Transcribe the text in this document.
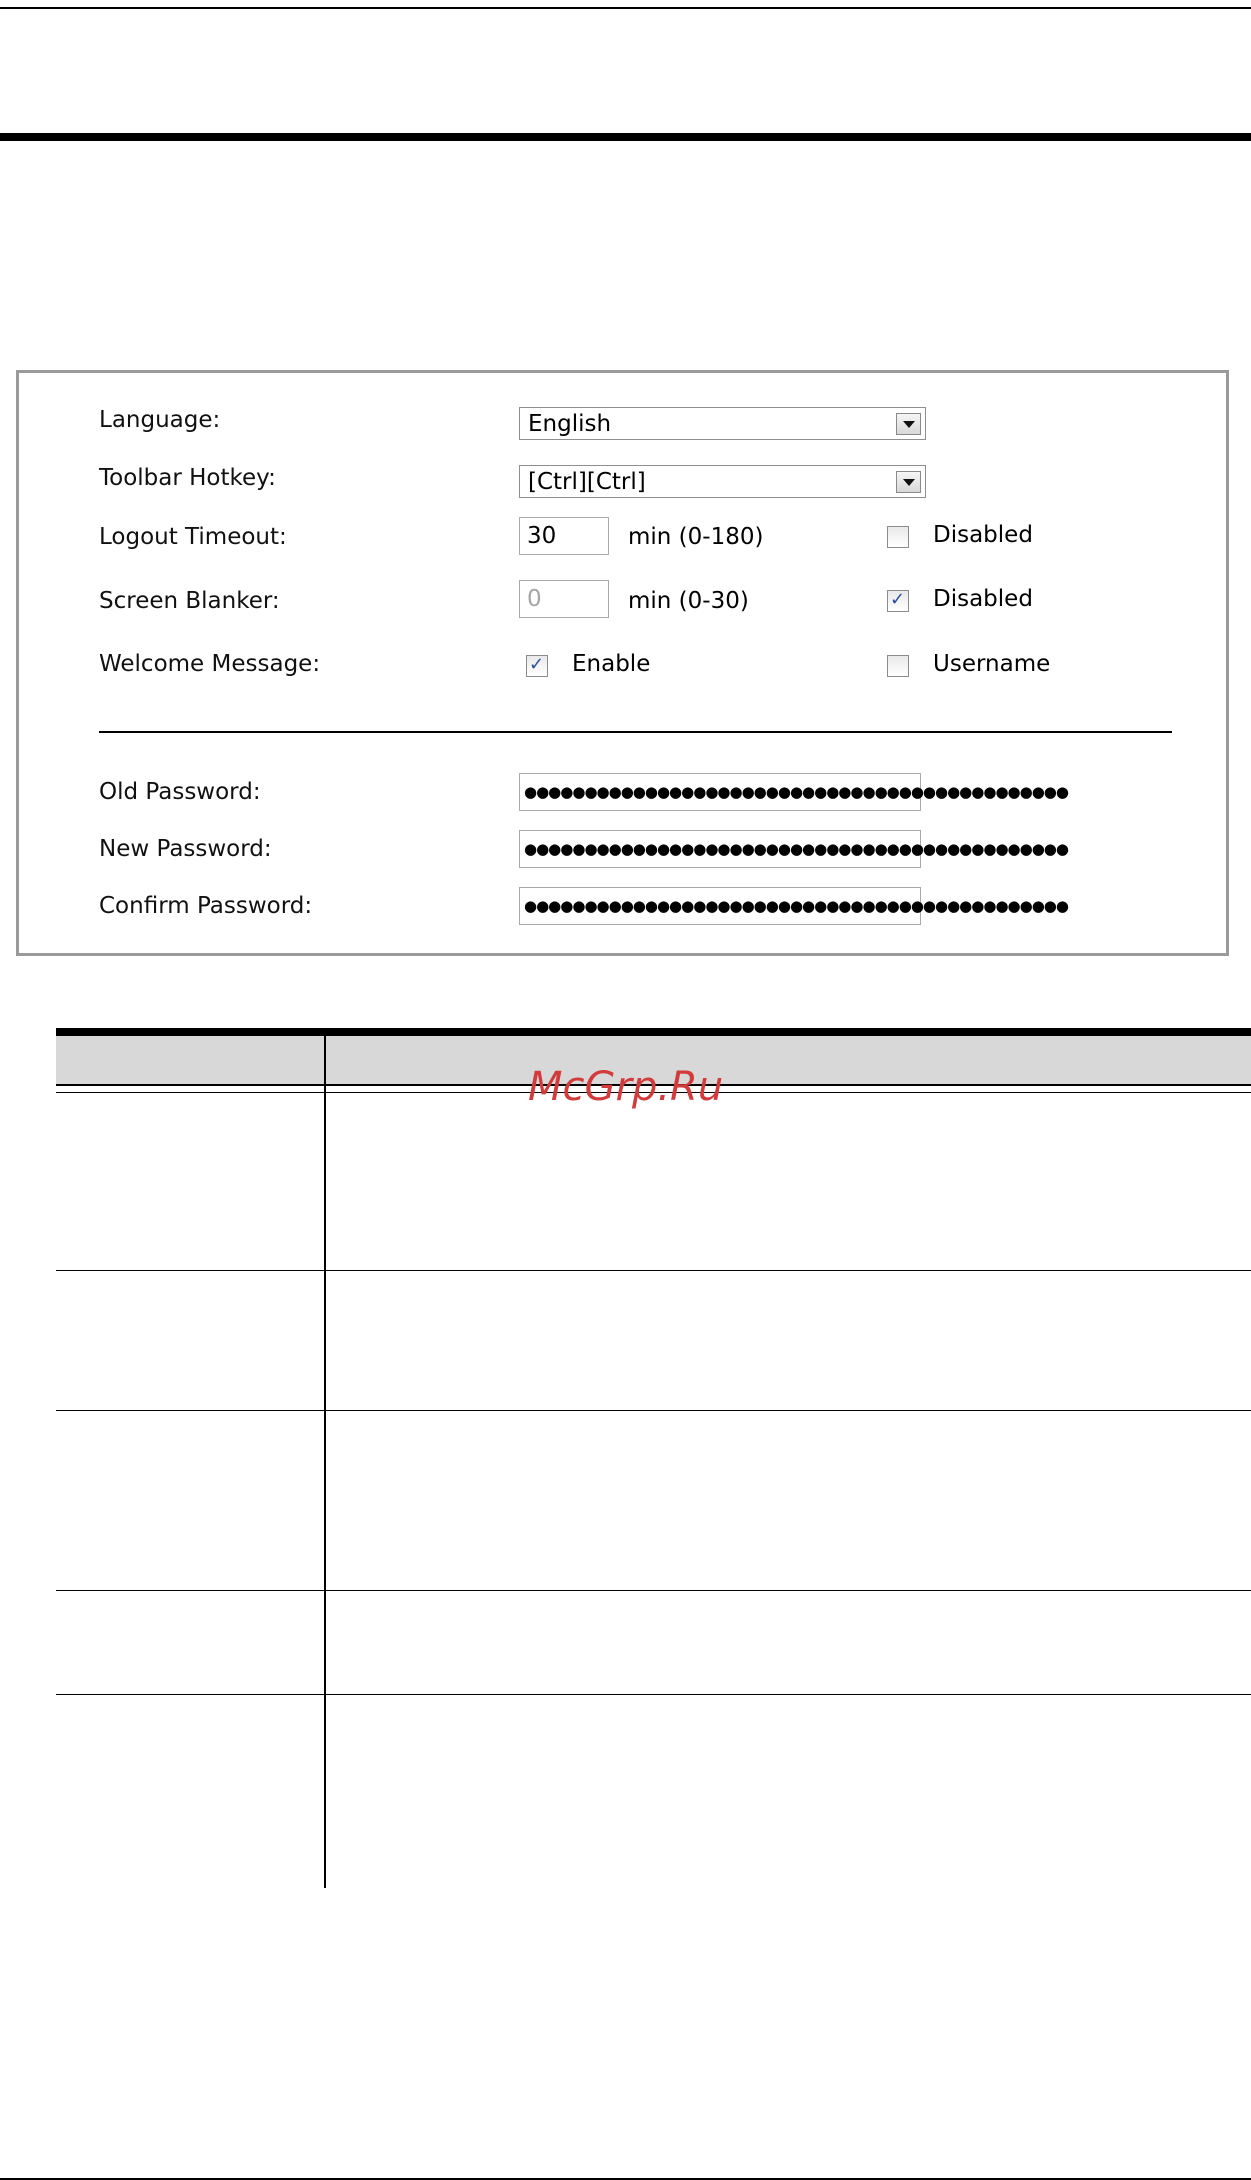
Language:	English
Toolbar Hotkey:	[Ctrl][Ctrl]
Logout Timeout:	30	min (0-180)	Disabled
Screen Blanker:	0	min (0-30)	✓ Disabled
Welcome Message:	✓ Enable	Username
Old Password:	●●●●●●●●●●●●●●●●●●●●●●●●●●●●●●●●●●●●●●●●●●●●●
New Password:	●●●●●●●●●●●●●●●●●●●●●●●●●●●●●●●●●●●●●●●●●●●●●
Confirm Password:	●●●●●●●●●●●●●●●●●●●●●●●●●●●●●●●●●●●●●●●●●●●●●
McGrp.Ru
